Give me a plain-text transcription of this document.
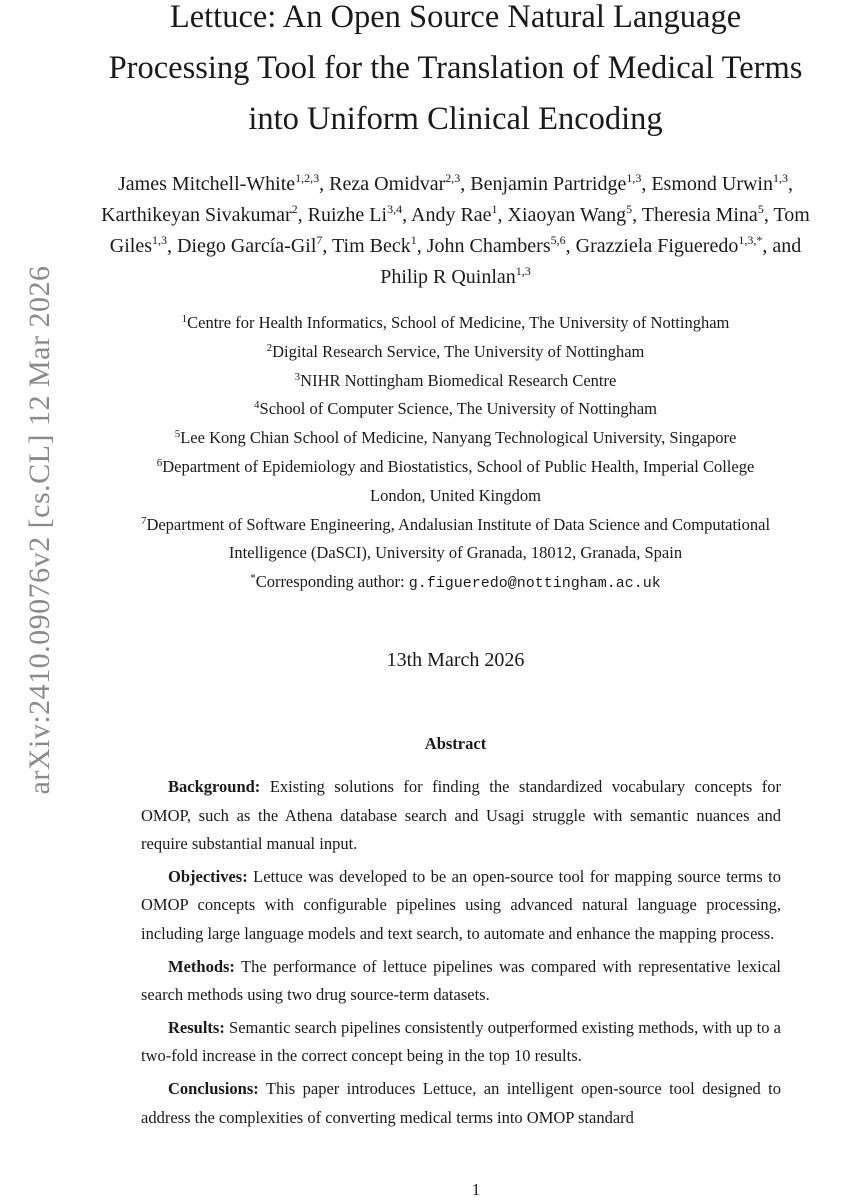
arXiv:2410.09076v2 [cs.CL] 12 Mar 2026
Lettuce: An Open Source Natural Language
Processing Tool for the Translation of Medical Terms
into Uniform Clinical Encoding
James Mitchell-White$^{1,2,3}$, Reza Omidvar$^{2,3}$, Benjamin Partridge$^{1,3}$, Esmond Urwin$^{1,3}$, Karthikeyan Sivakumar$^2$, Ruizhe Li$^{3,4}$, Andy Rae$^1$, Xiaoyan Wang$^5$, Theresia Mina$^5$, Tom Giles$^{1,3}$, Diego García-Gil$^7$, Tim Beck$^1$, John Chambers$^{5,6}$, Grazziela Figueredo$^{1,3,*}$, and Philip R Quinlan$^{1,3}$
$^1$Centre for Health Informatics, School of Medicine, The University of Nottingham
$^2$Digital Research Service, The University of Nottingham
$^3$NIHR Nottingham Biomedical Research Centre
$^4$School of Computer Science, The University of Nottingham
$^5$Lee Kong Chian School of Medicine, Nanyang Technological University, Singapore
$^6$Department of Epidemiology and Biostatistics, School of Public Health, Imperial College
London, United Kingdom
$^7$Department of Software Engineering, Andalusian Institute of Data Science and Computational
Intelligence (DaSCI), University of Granada, 18012, Granada, Spain
*Corresponding author: g.figueredo@nottingham.ac.uk
13th March 2026
Abstract

Background: Existing solutions for finding the standardized vocabulary concepts for OMOP, such as the Athena database search and Usagi struggle with semantic nuances and require substantial manual input.

Objectives: Lettuce was developed to be an open-source tool for mapping source terms to OMOP concepts with configurable pipelines using advanced natural language processing, including large language models and text search, to automate and enhance the mapping process.

Methods: The performance of lettuce pipelines was compared with representative lexical search methods using two drug source-term datasets.

Results: Semantic search pipelines consistently outperformed existing methods, with up to a two-fold increase in the correct concept being in the top 10 results.

Conclusions: This paper introduces Lettuce, an intelligent open-source tool designed to address the complexities of converting medical terms into OMOP standard

1
